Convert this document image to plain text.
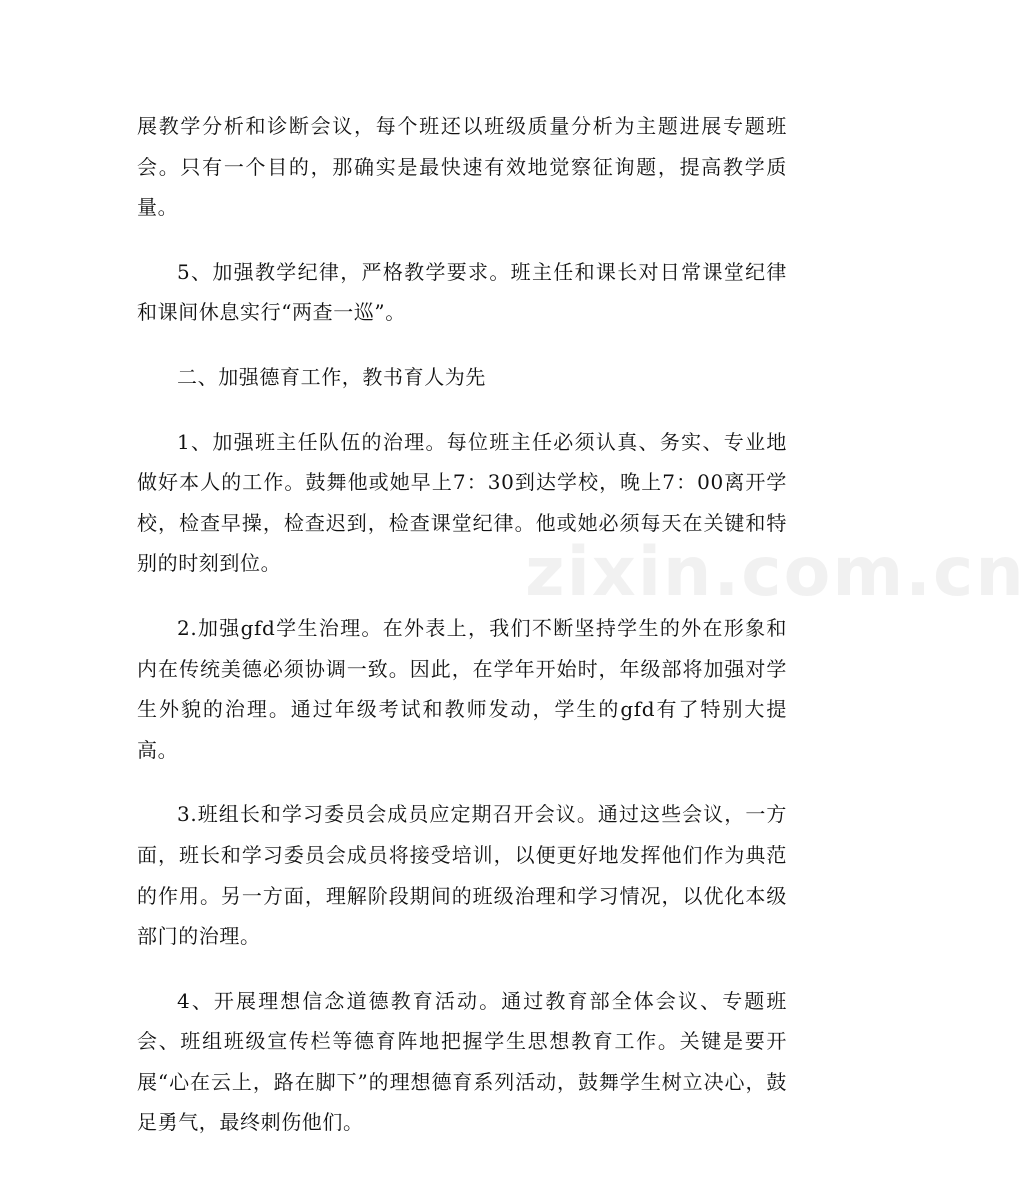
展教学分析和诊断会议，每个班还以班级质量分析为主题进展专题班会。只有一个目的，那确实是最快速有效地觉察征询题，提高教学质量。

5、加强教学纪律，严格教学要求。班主任和课长对日常课堂纪律和课间休息实行“两查一巡”。

二、加强德育工作，教书育人为先

1、加强班主任队伍的治理。每位班主任必须认真、务实、专业地做好本人的工作。鼓舞他或她早上7：30到达学校，晚上7：00离开学校，检查早操，检查迟到，检查课堂纪律。他或她必须每天在关键和特别的时刻到位。

2.加强gfd学生治理。在外表上，我们不断坚持学生的外在形象和内在传统美德必须协调一致。因此，在学年开始时，年级部将加强对学生外貌的治理。通过年级考试和教师发动，学生的gfd有了特别大提高。

3.班组长和学习委员会成员应定期召开会议。通过这些会议，一方面，班长和学习委员会成员将接受培训，以便更好地发挥他们作为典范的作用。另一方面，理解阶段期间的班级治理和学习情况，以优化本级部门的治理。

4、开展理想信念道德教育活动。通过教育部全体会议、专题班会、班组班级宣传栏等德育阵地把握学生思想教育工作。关键是要开展“心在云上，路在脚下”的理想德育系列活动，鼓舞学生树立决心，鼓足勇气，最终刺伤他们。

zixin.com.cn
